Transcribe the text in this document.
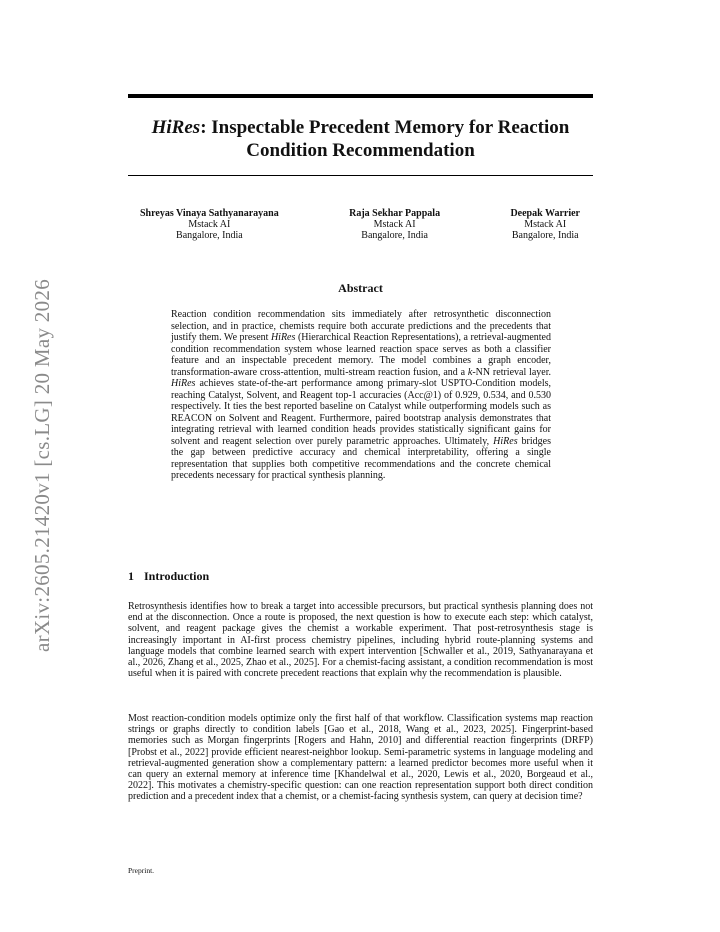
arXiv:2605.21420v1 [cs.LG] 20 May 2026
HiRes: Inspectable Precedent Memory for Reaction Condition Recommendation
Shreyas Vinaya Sathyanarayana
Mstack AI
Bangalore, India
Raja Sekhar Pappala
Mstack AI
Bangalore, India
Deepak Warrier
Mstack AI
Bangalore, India
Abstract

Reaction condition recommendation sits immediately after retrosynthetic disconnection selection, and in practice, chemists require both accurate predictions and the precedents that justify them. We present HiRes (Hierarchical Reaction Representations), a retrieval-augmented condition recommendation system whose learned reaction space serves as both a classifier feature and an inspectable precedent memory. The model combines a graph encoder, transformation-aware cross-attention, multi-stream reaction fusion, and a k-NN retrieval layer. HiRes achieves state-of-the-art performance among primary-slot USPTO-Condition models, reaching Catalyst, Solvent, and Reagent top-1 accuracies (Acc@1) of 0.929, 0.534, and 0.530 respectively. It ties the best reported baseline on Catalyst while outperforming models such as REACON on Solvent and Reagent. Furthermore, paired bootstrap analysis demonstrates that integrating retrieval with learned condition heads provides statistically significant gains for solvent and reagent selection over purely parametric approaches. Ultimately, HiRes bridges the gap between predictive accuracy and chemical interpretability, offering a single representation that supplies both competitive recommendations and the concrete chemical precedents necessary for practical synthesis planning.

1 Introduction

Retrosynthesis identifies how to break a target into accessible precursors, but practical synthesis planning does not end at the disconnection. Once a route is proposed, the next question is how to execute each step: which catalyst, solvent, and reagent package gives the chemist a workable experiment. That post-retrosynthesis stage is increasingly important in AI-first process chemistry pipelines, including hybrid route-planning systems and language models that combine learned search with expert intervention [Schwaller et al., 2019, Sathyanarayana et al., 2026, Zhang et al., 2025, Zhao et al., 2025]. For a chemist-facing assistant, a condition recommendation is most useful when it is paired with concrete precedent reactions that explain why the recommendation is plausible.

Most reaction-condition models optimize only the first half of that workflow. Classification systems map reaction strings or graphs directly to condition labels [Gao et al., 2018, Wang et al., 2023, 2025]. Fingerprint-based memories such as Morgan fingerprints [Rogers and Hahn, 2010] and differential reaction fingerprints (DRFP) [Probst et al., 2022] provide efficient nearest-neighbor lookup. Semi-parametric systems in language modeling and retrieval-augmented generation show a complementary pattern: a learned predictor becomes more useful when it can query an external memory at inference time [Khandelwal et al., 2020, Lewis et al., 2020, Borgeaud et al., 2022]. This motivates a chemistry-specific question: can one reaction representation support both direct condition prediction and a precedent index that a chemist, or a chemist-facing synthesis system, can query at decision time?

Preprint.
